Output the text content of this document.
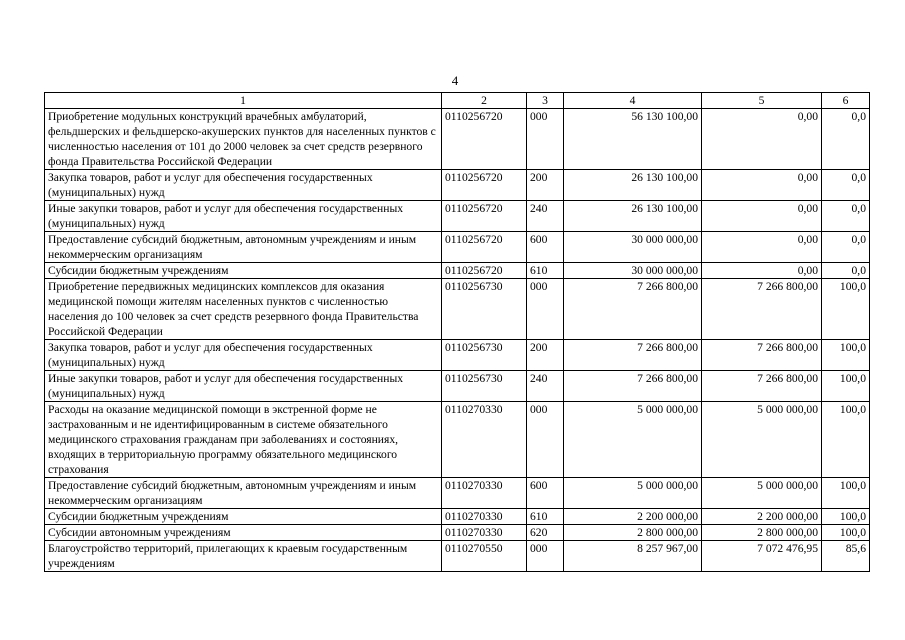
4
1	2	3	4	5	6
Приобретение модульных конструкций врачебных амбулаторий, фельдшерских и фельдшерско-акушерских пунктов для населенных пунктов с численностью населения от 101 до 2000 человек за счет средств резервного фонда Правительства Российской Федерации	0110256720	000	56 130 100,00	0,00	0,0
Закупка товаров, работ и услуг для обеспечения государственных (муниципальных) нужд	0110256720	200	26 130 100,00	0,00	0,0
Иные закупки товаров, работ и услуг для обеспечения государственных (муниципальных) нужд	0110256720	240	26 130 100,00	0,00	0,0
Предоставление субсидий бюджетным, автономным учреждениям и иным некоммерческим организациям	0110256720	600	30 000 000,00	0,00	0,0
Субсидии бюджетным учреждениям	0110256720	610	30 000 000,00	0,00	0,0
Приобретение передвижных медицинских комплексов для оказания медицинской помощи жителям населенных пунктов с численностью населения до 100 человек за счет средств резервного фонда Правительства Российской Федерации	0110256730	000	7 266 800,00	7 266 800,00	100,0
Закупка товаров, работ и услуг для обеспечения государственных (муниципальных) нужд	0110256730	200	7 266 800,00	7 266 800,00	100,0
Иные закупки товаров, работ и услуг для обеспечения государственных (муниципальных) нужд	0110256730	240	7 266 800,00	7 266 800,00	100,0
Расходы на оказание медицинской помощи в экстренной форме не застрахованным и не идентифицированным в системе обязательного медицинского страхования гражданам при заболеваниях и состояниях, входящих в территориальную программу обязательного медицинского страхования	0110270330	000	5 000 000,00	5 000 000,00	100,0
Предоставление субсидий бюджетным, автономным учреждениям и иным некоммерческим организациям	0110270330	600	5 000 000,00	5 000 000,00	100,0
Субсидии бюджетным учреждениям	0110270330	610	2 200 000,00	2 200 000,00	100,0
Субсидии автономным учреждениям	0110270330	620	2 800 000,00	2 800 000,00	100,0
Благоустройство территорий, прилегающих к краевым государственным учреждениям	0110270550	000	8 257 967,00	7 072 476,95	85,6
